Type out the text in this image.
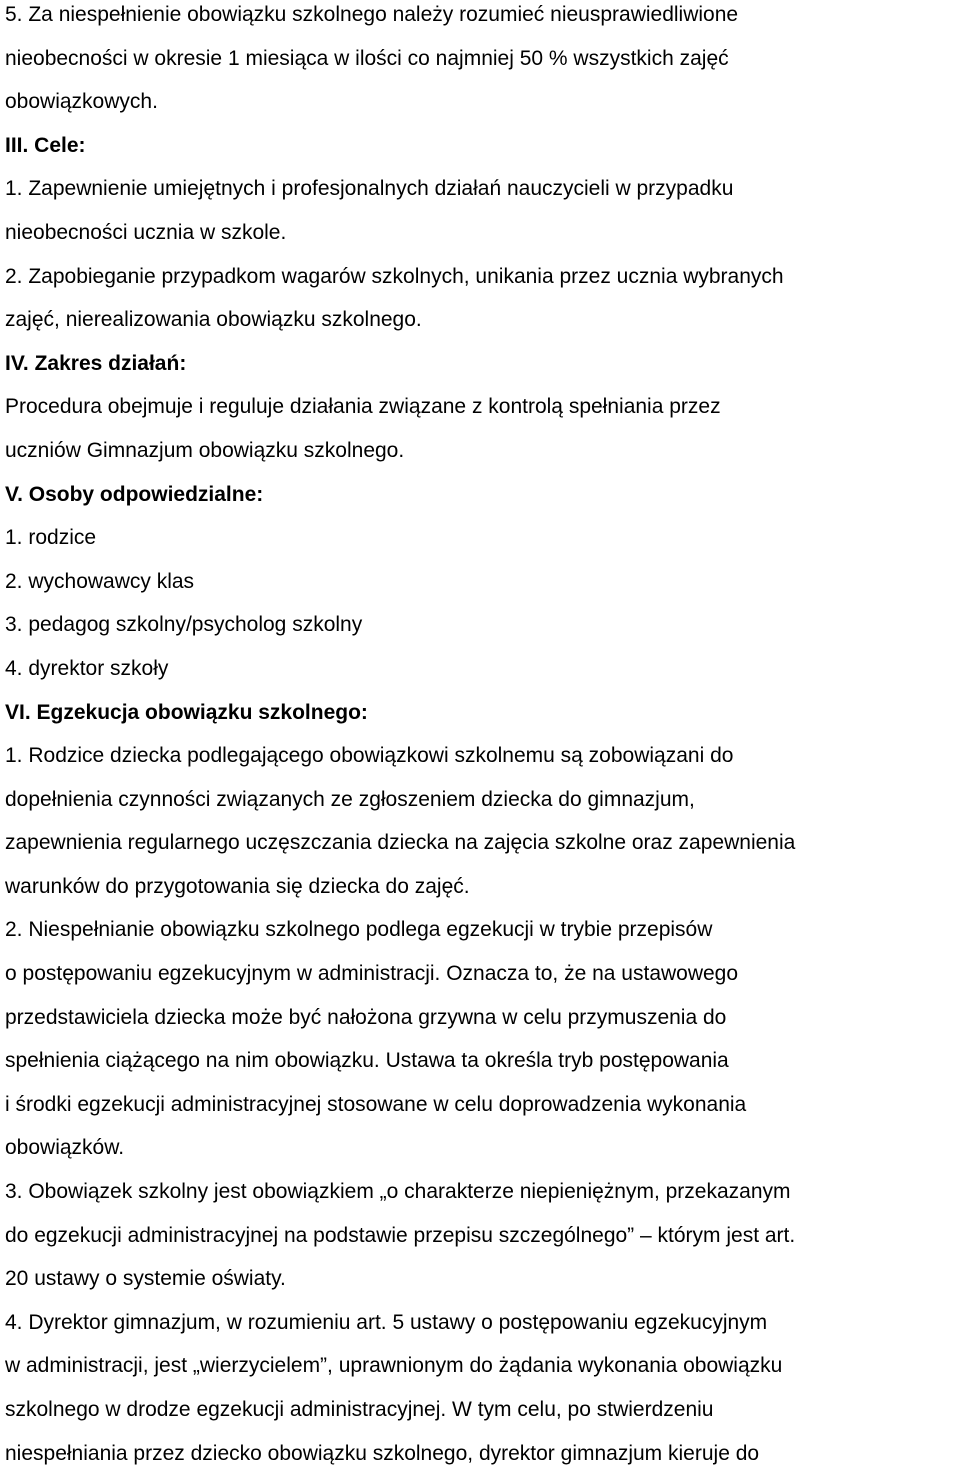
5. Za niespełnienie obowiązku szkolnego należy rozumieć nieusprawiedliwione

nieobecności w okresie 1 miesiąca w ilości co najmniej 50 % wszystkich zajęć

obowiązkowych.

III. Cele:

1. Zapewnienie umiejętnych i profesjonalnych działań nauczycieli w przypadku

nieobecności ucznia w szkole.

2. Zapobieganie przypadkom wagarów szkolnych, unikania przez ucznia wybranych

zajęć, nierealizowania obowiązku szkolnego.

IV. Zakres działań:

Procedura obejmuje i reguluje działania związane z kontrolą spełniania przez

uczniów Gimnazjum obowiązku szkolnego.

V. Osoby odpowiedzialne:

1. rodzice

2. wychowawcy klas

3. pedagog szkolny/psycholog szkolny

4. dyrektor szkoły

VI. Egzekucja obowiązku szkolnego:

1. Rodzice dziecka podlegającego obowiązkowi szkolnemu są zobowiązani do

dopełnienia czynności związanych ze zgłoszeniem dziecka do gimnazjum,

zapewnienia regularnego uczęszczania dziecka na zajęcia szkolne oraz zapewnienia

warunków do przygotowania się dziecka do zajęć.

2. Niespełnianie obowiązku szkolnego podlega egzekucji w trybie przepisów

o postępowaniu egzekucyjnym w administracji. Oznacza to, że na ustawowego

przedstawiciela dziecka może być nałożona grzywna w celu przymuszenia do

spełnienia ciążącego na nim obowiązku. Ustawa ta określa tryb postępowania

i środki egzekucji administracyjnej stosowane w celu doprowadzenia wykonania

obowiązków.

3. Obowiązek szkolny jest obowiązkiem „o charakterze niepieniężnym, przekazanym

do egzekucji administracyjnej na podstawie przepisu szczególnego” – którym jest art.

20 ustawy o systemie oświaty.

4. Dyrektor gimnazjum, w rozumieniu art. 5 ustawy o postępowaniu egzekucyjnym

w administracji, jest „wierzycielem”, uprawnionym do żądania wykonania obowiązku

szkolnego w drodze egzekucji administracyjnej. W tym celu, po stwierdzeniu

niespełniania przez dziecko obowiązku szkolnego, dyrektor gimnazjum kieruje do
